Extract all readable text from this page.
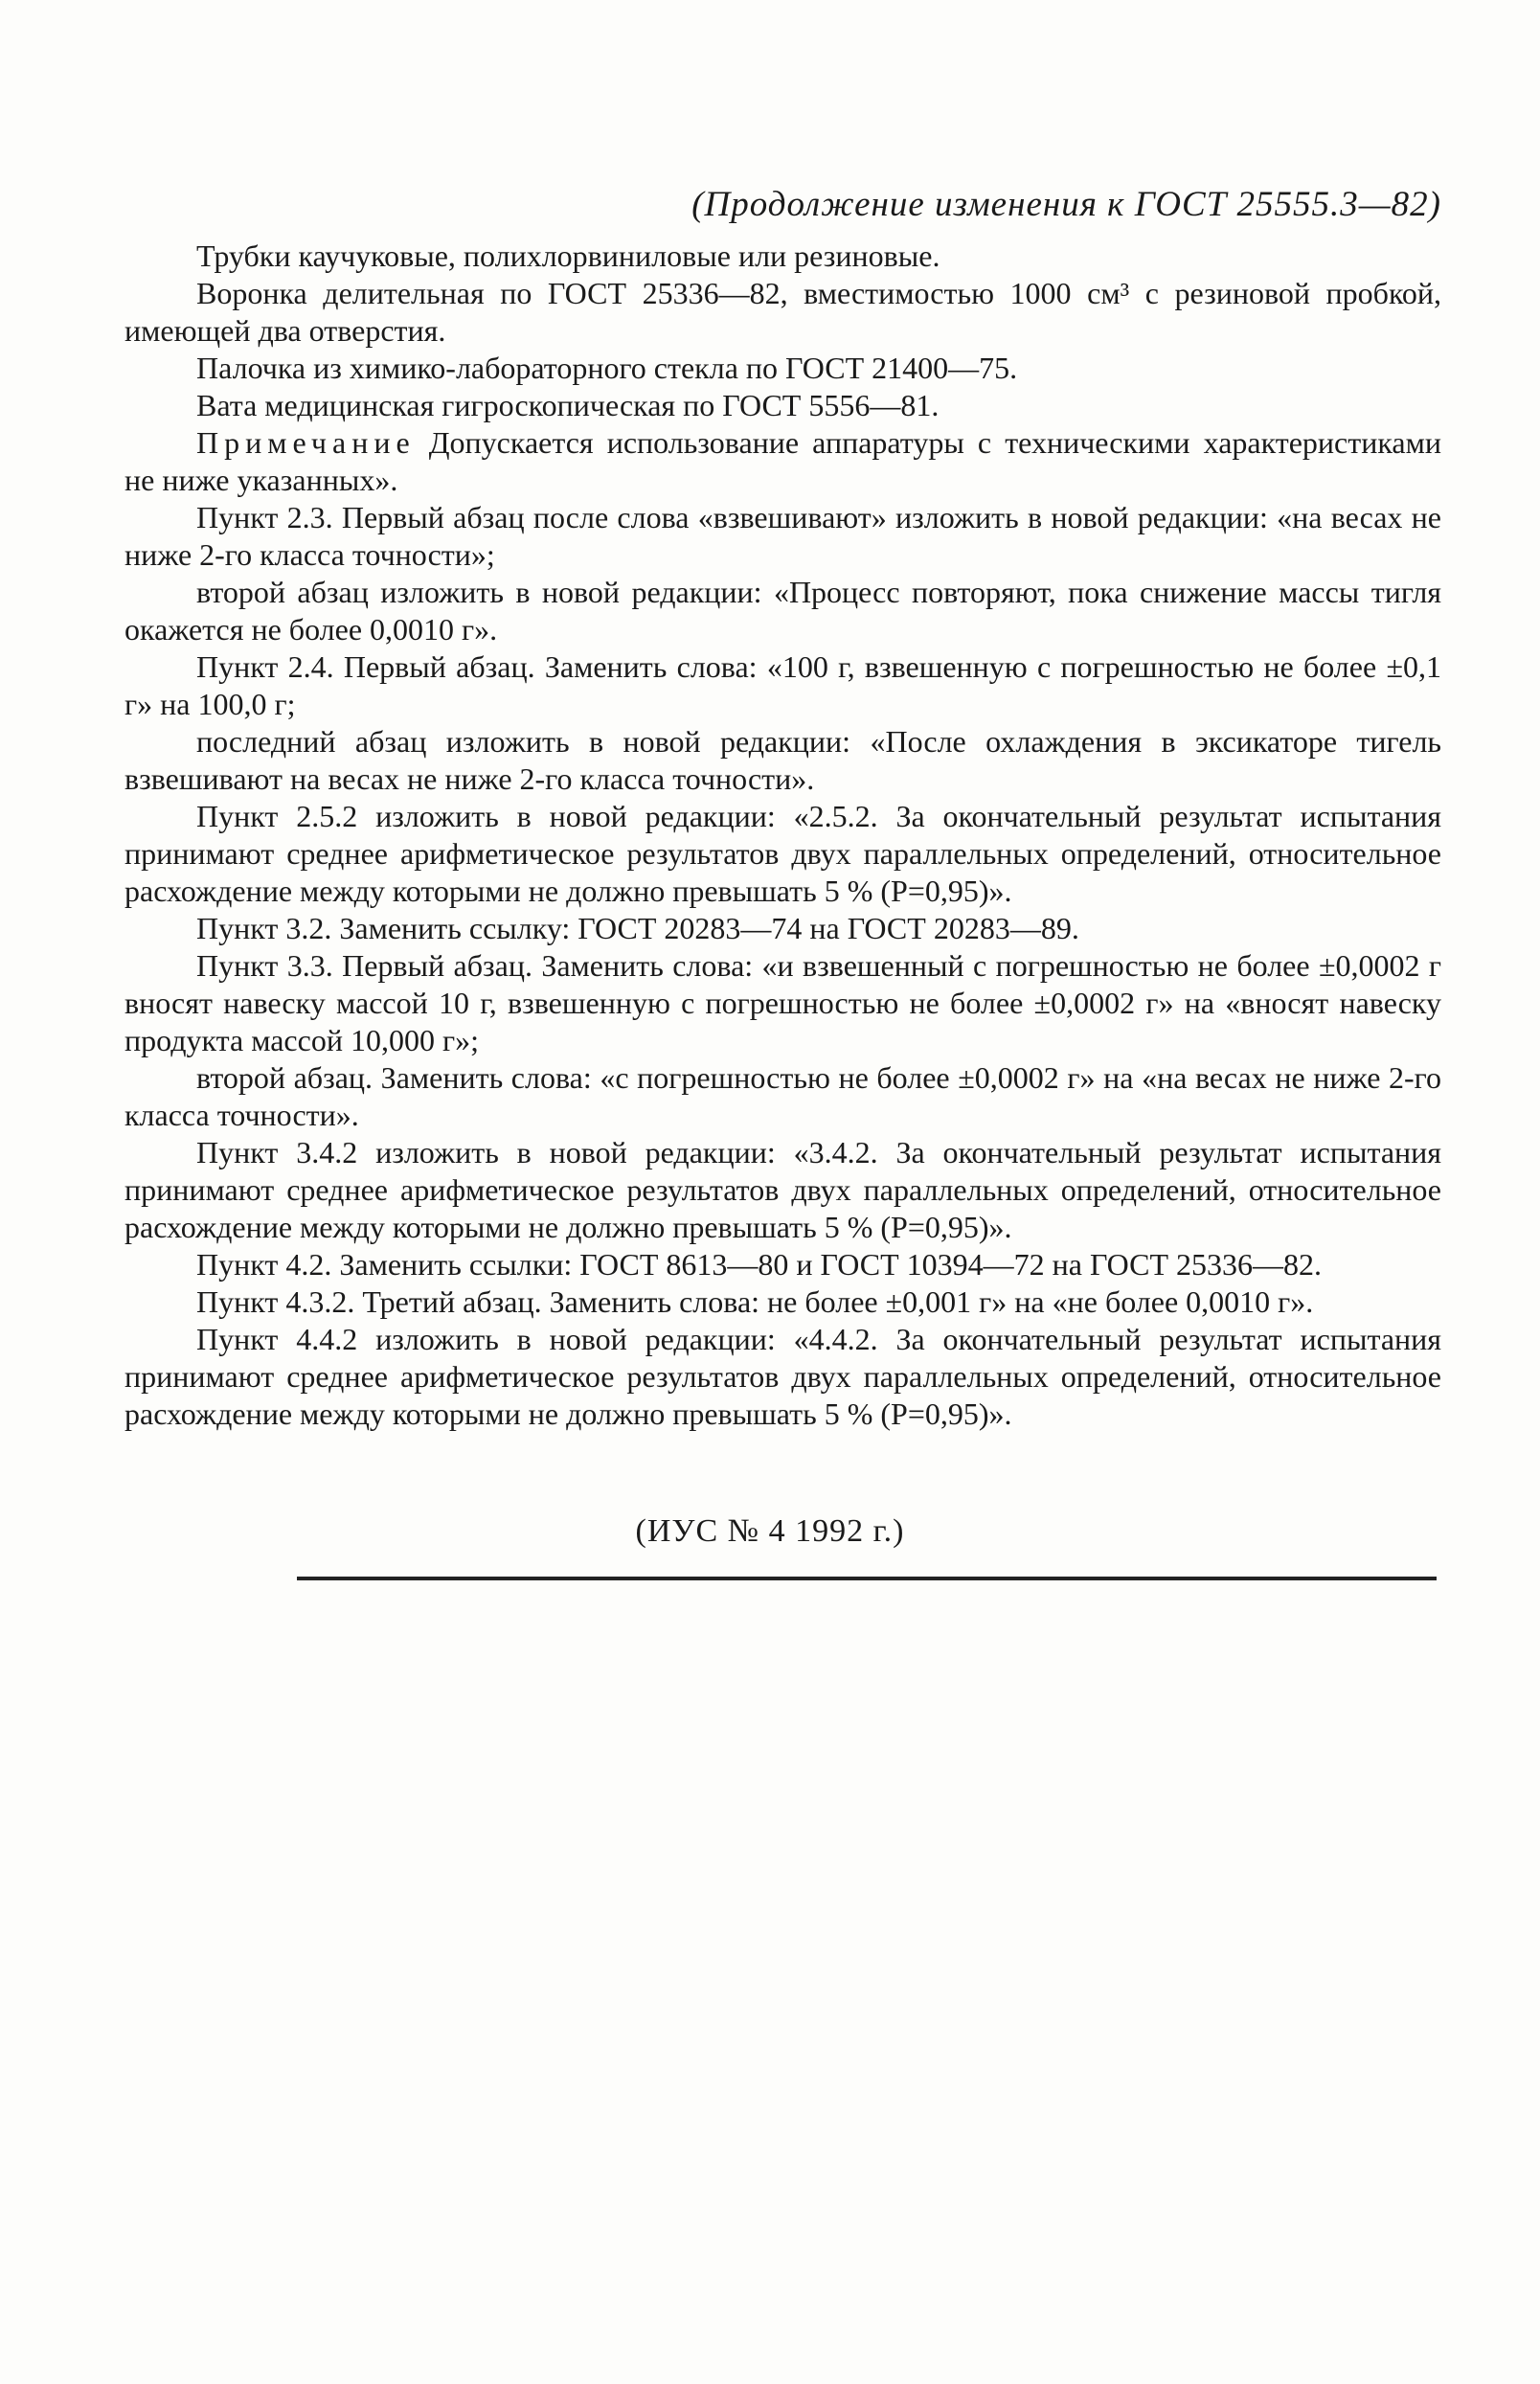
(Продолжение изменения к ГОСТ 25555.3—82)

Трубки каучуковые, полихлорвиниловые или резиновые.

Воронка делительная по ГОСТ 25336—82, вместимостью 1000 см³ с резиновой пробкой, имеющей два отверстия.

Палочка из химико-лабораторного стекла по ГОСТ 21400—75.

Вата медицинская гигроскопическая по ГОСТ 5556—81.

Примечание Допускается использование аппаратуры с техническими характеристиками не ниже указанных».

Пункт 2.3. Первый абзац после слова «взвешивают» изложить в новой редакции: «на весах не ниже 2-го класса точности»;

второй абзац изложить в новой редакции: «Процесс повторяют, пока снижение массы тигля окажется не более 0,0010 г».

Пункт 2.4. Первый абзац. Заменить слова: «100 г, взвешенную с погрешностью не более ±0,1 г» на 100,0 г;

последний абзац изложить в новой редакции: «После охлаждения в эксикаторе тигель взвешивают на весах не ниже 2-го класса точности».

Пункт 2.5.2 изложить в новой редакции: «2.5.2. За окончательный результат испытания принимают среднее арифметическое результатов двух параллельных определений, относительное расхождение между которыми не должно превышать 5 % (P=0,95)».

Пункт 3.2. Заменить ссылку: ГОСТ 20283—74 на ГОСТ 20283—89.

Пункт 3.3. Первый абзац. Заменить слова: «и взвешенный с погрешностью не более ±0,0002 г вносят навеску массой 10 г, взвешенную с погрешностью не более ±0,0002 г» на «вносят навеску продукта массой 10,000 г»;

второй абзац. Заменить слова: «с погрешностью не более ±0,0002 г» на «на весах не ниже 2-го класса точности».

Пункт 3.4.2 изложить в новой редакции: «3.4.2. За окончательный результат испытания принимают среднее арифметическое результатов двух параллельных определений, относительное расхождение между которыми не должно превышать 5 % (P=0,95)».

Пункт 4.2. Заменить ссылки: ГОСТ 8613—80 и ГОСТ 10394—72 на ГОСТ 25336—82.

Пункт 4.3.2. Третий абзац. Заменить слова: не более ±0,001 г» на «не более 0,0010 г».

Пункт 4.4.2 изложить в новой редакции: «4.4.2. За окончательный результат испытания принимают среднее арифметическое результатов двух параллельных определений, относительное расхождение между которыми не должно превышать 5 % (P=0,95)».

(ИУС № 4 1992 г.)
